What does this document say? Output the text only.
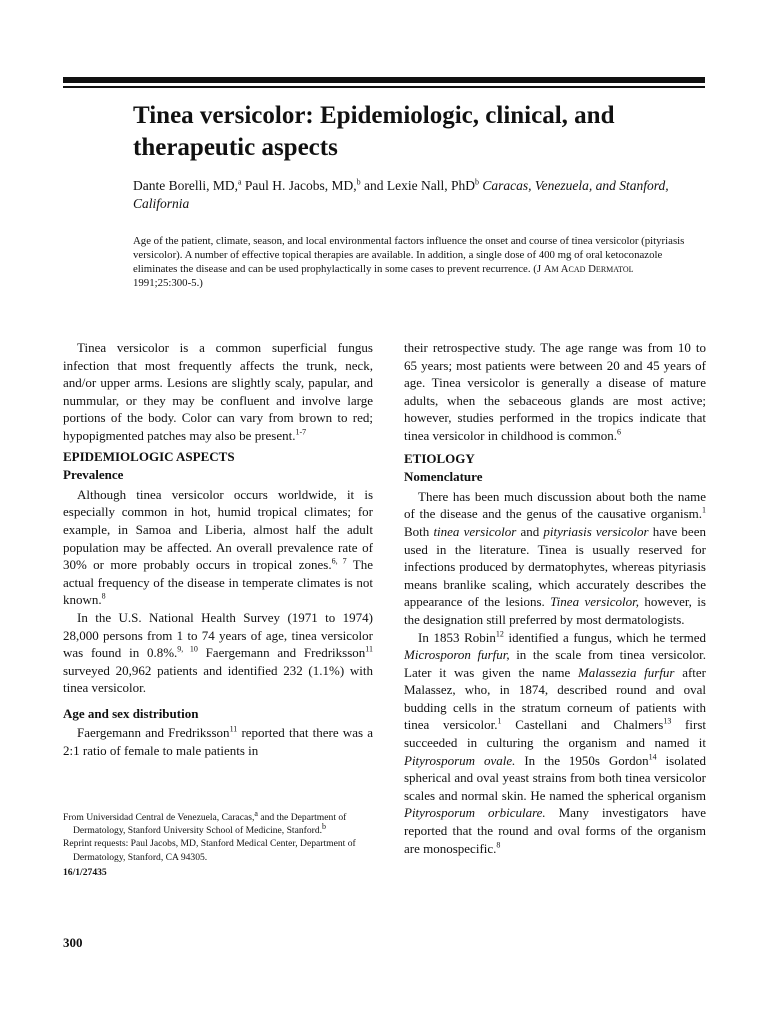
Tinea versicolor: Epidemiologic, clinical, and therapeutic aspects
Dante Borelli, MD,$^a$ Paul H. Jacobs, MD,$^b$ and Lexie Nall, PhD$^b$ Caracas, Venezuela, and Stanford, California
Age of the patient, climate, season, and local environmental factors influence the onset and course of tinea versicolor (pityriasis versicolor). A number of effective topical therapies are available. In addition, a single dose of 400 mg of oral ketoconazole eliminates the disease and can be used prophylactically in some cases to prevent recurrence. (J Am Acad Dermatol 1991;25:300-5.)

Tinea versicolor is a common superficial fungus infection that most frequently affects the trunk, neck, and/or upper arms. Lesions are slightly scaly, papular, and nummular, or they may be confluent and involve large portions of the body. Color can vary from brown to red; hypopigmented patches may also be present.$^{1-7}$

EPIDEMIOLOGIC ASPECTS
Prevalence

Although tinea versicolor occurs worldwide, it is especially common in hot, humid tropical climates; for example, in Samoa and Liberia, almost half the adult population may be affected. An overall prevalence rate of 30% or more probably occurs in tropical zones.$^{6, 7}$ The actual frequency of the disease in temperate climates is not known.$^8$

In the U.S. National Health Survey (1971 to 1974) 28,000 persons from 1 to 74 years of age, tinea versicolor was found in 0.8%.$^{9, 10}$ Faergemann and Fredriksson$^{11}$ surveyed 20,962 patients and identified 232 (1.1%) with tinea versicolor.

Age and sex distribution

Faergemann and Fredriksson$^{11}$ reported that there was a 2:1 ratio of female to male patients in

their retrospective study. The age range was from 10 to 65 years; most patients were between 20 and 45 years of age. Tinea versicolor is generally a disease of mature adults, when the sebaceous glands are most active; however, studies performed in the tropics indicate that tinea versicolor in childhood is common.$^6$

ETIOLOGY
Nomenclature

There has been much discussion about both the name of the disease and the genus of the causative organism.$^1$ Both tinea versicolor and pityriasis versicolor have been used in the literature. Tinea is usually reserved for infections produced by dermatophytes, whereas pityriasis means branlike scaling, which accurately describes the appearance of the lesions. Tinea versicolor, however, is the designation still preferred by most dermatologists.

In 1853 Robin$^{12}$ identified a fungus, which he termed Microsporon furfur, in the scale from tinea versicolor. Later it was given the name Malassezia furfur after Malassez, who, in 1874, described round and oval budding cells in the stratum corneum of patients with tinea versicolor.$^1$ Castellani and Chalmers$^{13}$ first succeeded in culturing the organism and named it Pityrosporum ovale. In the 1950s Gordon$^{14}$ isolated spherical and oval yeast strains from both tinea versicolor scales and normal skin. He named the spherical organism Pityrosporum orbiculare. Many investigators have reported that the round and oval forms of the organism are monospecific.$^8$

From Universidad Central de Venezuela, Caracas,$^a$ and the Department of Dermatology, Stanford University School of Medicine, Stanford.$^b$
Reprint requests: Paul Jacobs, MD, Stanford Medical Center, Department of Dermatology, Stanford, CA 94305.
16/1/27435
300
